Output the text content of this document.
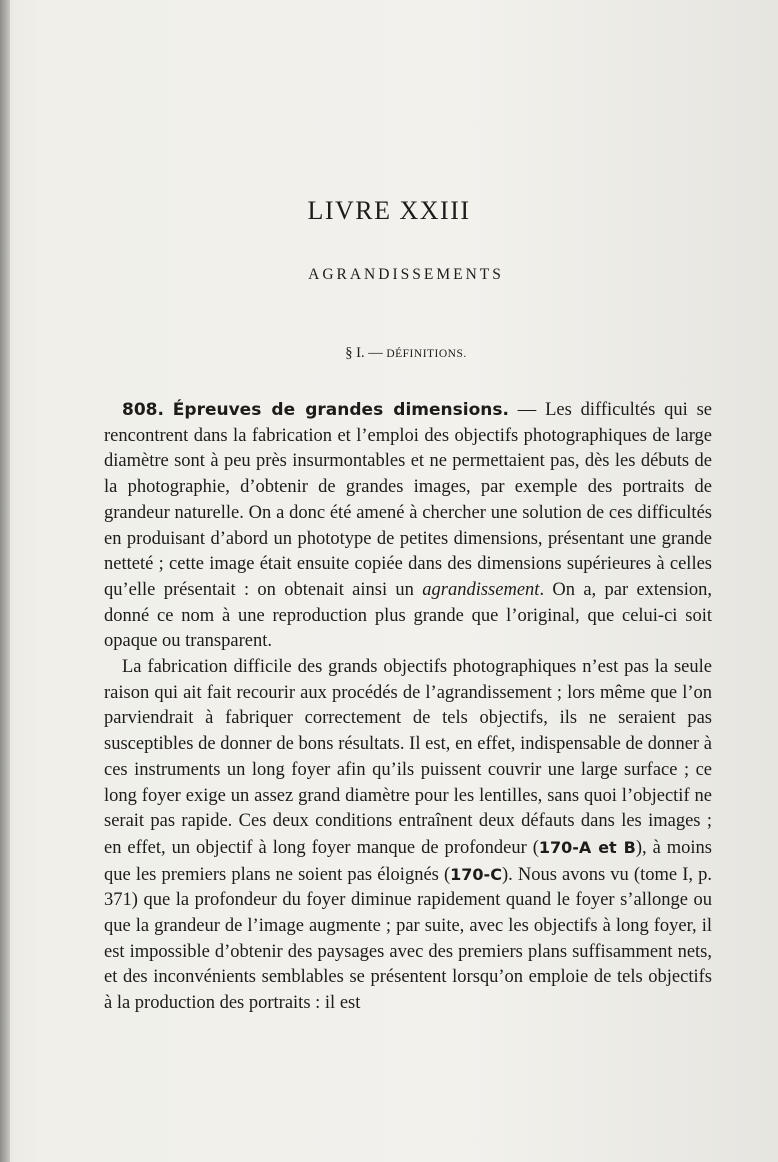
LIVRE XXIII
AGRANDISSEMENTS
§ I. — DÉFINITIONS.

808. Épreuves de grandes dimensions. — Les difficultés qui se rencontrent dans la fabrication et l’emploi des objectifs photographiques de large diamètre sont à peu près insurmontables et ne permettaient pas, dès les débuts de la photographie, d’obtenir de grandes images, par exemple des portraits de grandeur naturelle. On a donc été amené à chercher une solution de ces difficultés en produisant d’abord un phototype de petites dimensions, présentant une grande netteté ; cette image était ensuite copiée dans des dimensions supérieures à celles qu’elle présentait : on obtenait ainsi un agrandissement. On a, par extension, donné ce nom à une reproduction plus grande que l’original, que celui-ci soit opaque ou transparent.

La fabrication difficile des grands objectifs photographiques n’est pas la seule raison qui ait fait recourir aux procédés de l’agrandissement ; lors même que l’on parviendrait à fabriquer correctement de tels objectifs, ils ne seraient pas susceptibles de donner de bons résultats. Il est, en effet, indispensable de donner à ces instruments un long foyer afin qu’ils puissent couvrir une large surface ; ce long foyer exige un assez grand diamètre pour les lentilles, sans quoi l’objectif ne serait pas rapide. Ces deux conditions entraînent deux défauts dans les images ; en effet, un objectif à long foyer manque de profondeur (170-A et B), à moins que les premiers plans ne soient pas éloignés (170-C). Nous avons vu (tome I, p. 371) que la profondeur du foyer diminue rapidement quand le foyer s’allonge ou que la grandeur de l’image augmente ; par suite, avec les objectifs à long foyer, il est impossible d’obtenir des paysages avec des premiers plans suffisamment nets, et des inconvénients semblables se présentent lorsqu’on emploie de tels objectifs à la production des portraits : il est
